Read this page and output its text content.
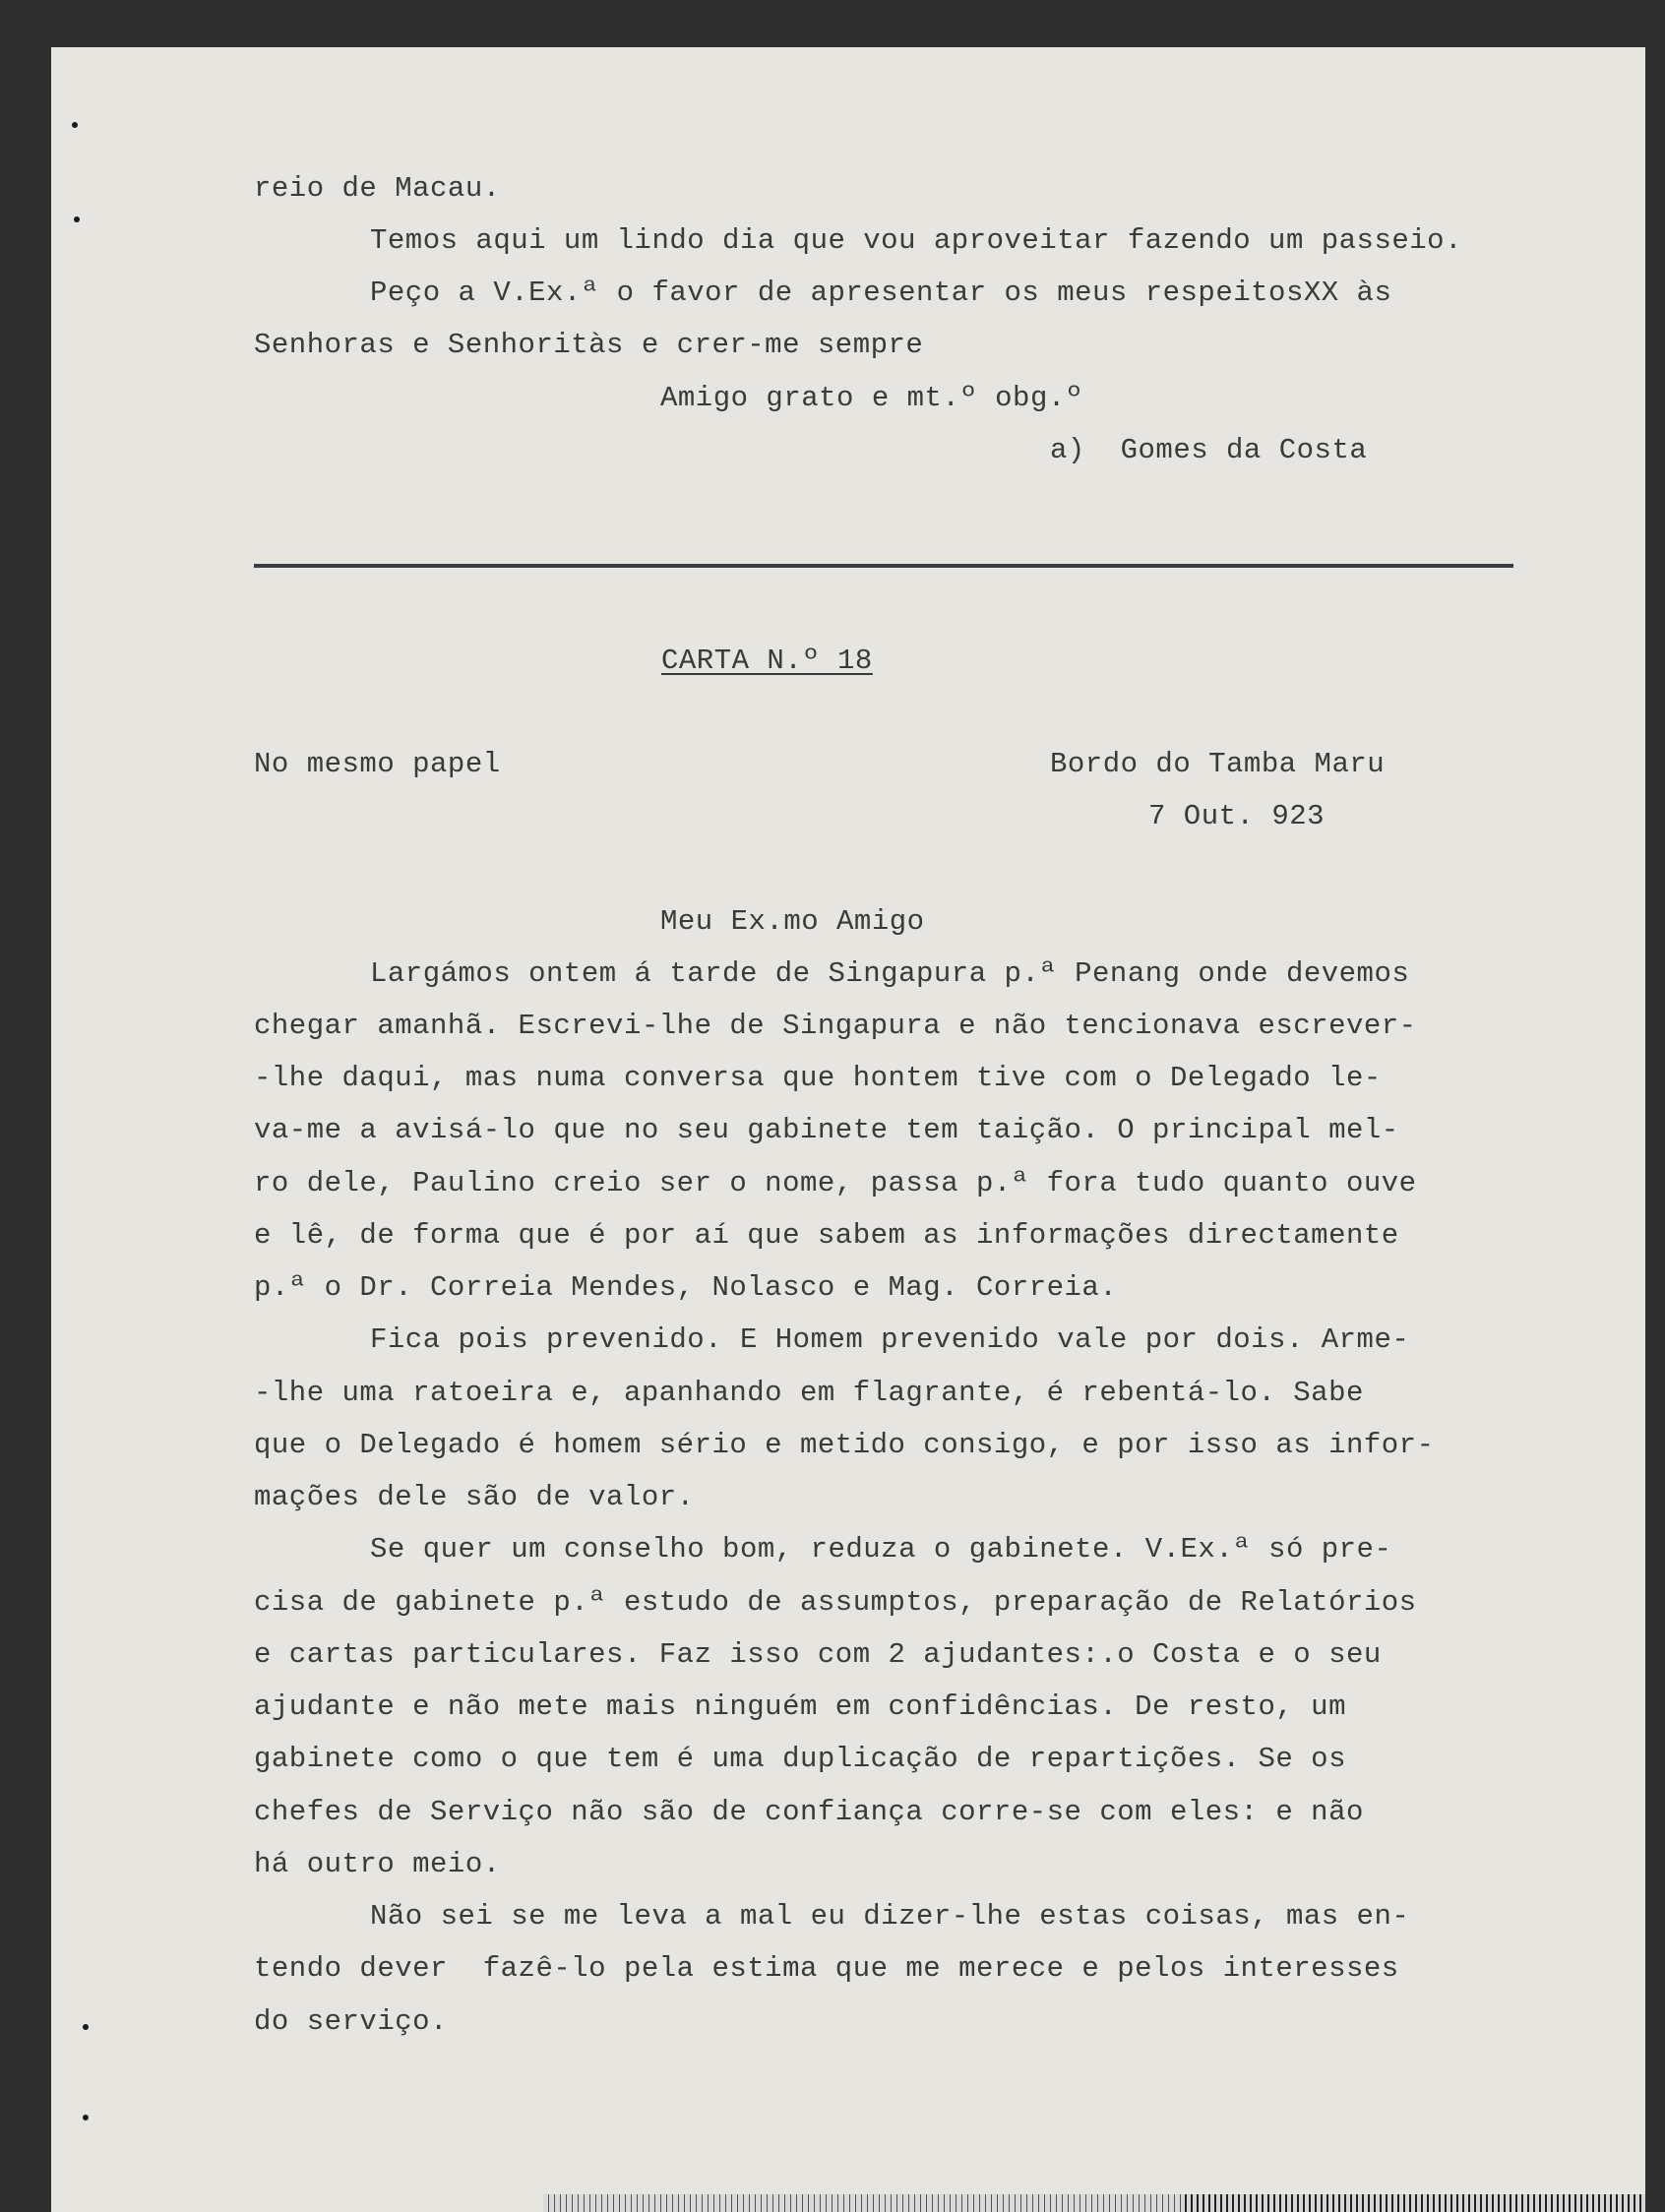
reio de Macau.
Temos aqui um lindo dia que vou aproveitar fazendo um passeio.
Peço a V.Ex.ª o favor de apresentar os meus respeitosXX às
Senhoras e Senhoritàs e crer-me sempre
Amigo grato e mt.º obg.º
a)  Gomes da Costa
CARTA N.º 18
No mesmo papel	Bordo do Tamba Maru
7 Out. 923
Meu Ex.mo Amigo
Largámos ontem á tarde de Singapura p.ª Penang onde devemos
chegar amanhã. Escrevi-lhe de Singapura e não tencionava escrever-
-lhe daqui, mas numa conversa que hontem tive com o Delegado le-
va-me a avisá-lo que no seu gabinete tem taição. O principal mel-
ro dele, Paulino creio ser o nome, passa p.ª fora tudo quanto ouve
e lê, de forma que é por aí que sabem as informações directamente
p.ª o Dr. Correia Mendes, Nolasco e Mag. Correia.
Fica pois prevenido. E Homem prevenido vale por dois. Arme-
-lhe uma ratoeira e, apanhando em flagrante, é rebentá-lo. Sabe
que o Delegado é homem sério e metido consigo, e por isso as infor-
mações dele são de valor.
Se quer um conselho bom, reduza o gabinete. V.Ex.ª só pre-
cisa de gabinete p.ª estudo de assumptos, preparação de Relatórios
e cartas particulares. Faz isso com 2 ajudantes:.o Costa e o seu
ajudante e não mete mais ninguém em confidências. De resto, um
gabinete como o que tem é uma duplicação de repartições. Se os
chefes de Serviço não são de confiança corre-se com eles: e não
há outro meio.
Não sei se me leva a mal eu dizer-lhe estas coisas, mas en-
tendo dever  fazê-lo pela estima que me merece e pelos interesses
do serviço.
